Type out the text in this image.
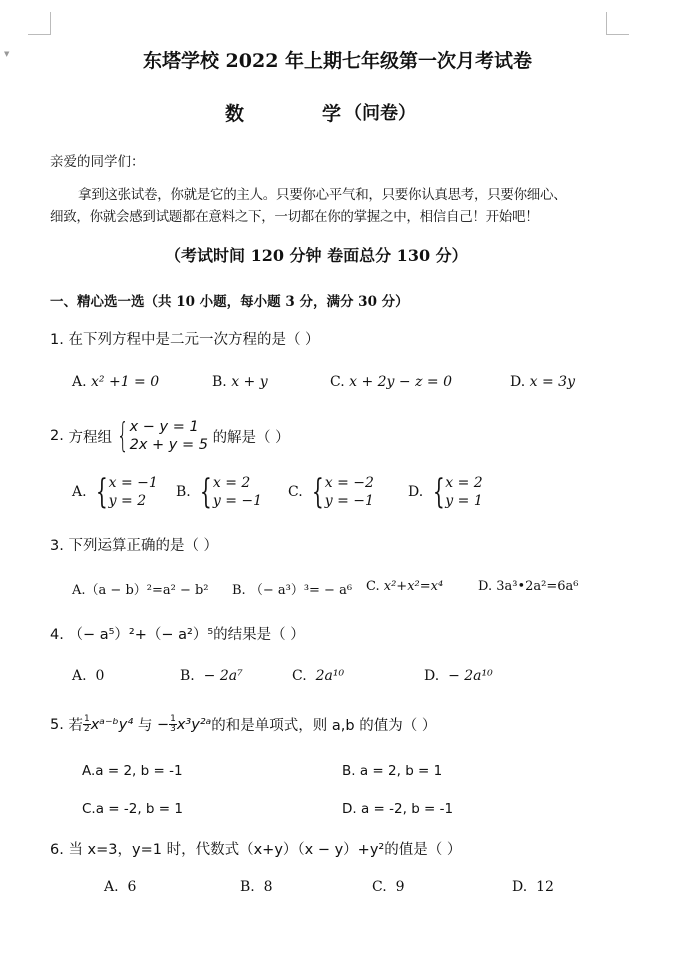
▼	东塔学校 2022 年上期七年级第一次月考试卷
数	学 （问卷）
亲爱的同学们：
拿到这张试卷，你就是它的主人。只要你心平气和，只要你认真思考，只要你细心、
细致，你就会感到试题都在意料之下，一切都在你的掌握之中，相信自己！开始吧！
（考试时间 120 分钟 卷面总分 130 分）
一、精心选一选（共 10 小题，每小题 3 分，满分 30 分）
1. 在下列方程中是二元一次方程的是（ ）
A. x² +1 = 0	B. x + y	C. x + 2y − z = 0	D. x = 3y
2.
方程组 { x − y = 1
2x + y = 5
的解是（ ）
A.
{ x = −1
y = 2
B.
{ x = 2
y = −1
C.
{ x = −2
y = −1
D.
{ x = 2
y = 1
3. 下列运算正确的是（ ）
A.（a − b）²=a² − b² B. （− a³）³= − a⁶ C. x²+x²=x⁴	D. 3a³•2a²=6a⁶
4. （− a⁵）²+（− a²）⁵的结果是（ ）
A. 0	B. − 2a⁷	C. 2a¹⁰	D. − 2a¹⁰
5.
若 $\frac{1}{2}$ xᵃ⁻ᵇy⁴
与
− $\frac{1}{3}$ x³y²ᵃ 的和是单项式，则 a,b 的值为（ ）
A.a = 2, b = -1	B. a = 2, b = 1
C.a = -2, b = 1	D. a = -2, b = -1
6. 当 x=3，y=1 时，代数式（x+y）（x − y）+y²的值是（ ）
A. 6	B. 8	C. 9	D. 12
